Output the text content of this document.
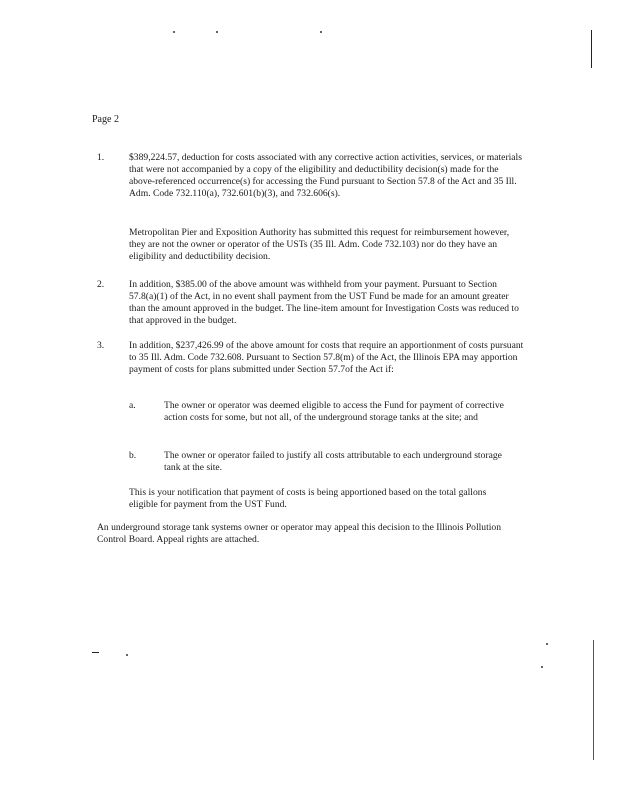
Page 2
1.	$389,224.57, deduction for costs associated with any corrective action activities, services, or materials that were not accompanied by a copy of the eligibility and deductibility decision(s) made for the above-referenced occurrence(s) for accessing the Fund pursuant to Section 57.8 of the Act and 35 Ill. Adm. Code 732.110(a), 732.601(b)(3), and 732.606(s).
Metropolitan Pier and Exposition Authority has submitted this request for reimbursement however, they are not the owner or operator of the USTs (35 Ill. Adm. Code 732.103) nor do they have an eligibility and deductibility decision.
2.	In addition, $385.00 of the above amount was withheld from your payment. Pursuant to Section 57.8(a)(1) of the Act, in no event shall payment from the UST Fund be made for an amount greater than the amount approved in the budget. The line-item amount for Investigation Costs was reduced to that approved in the budget.
3.	In addition, $237,426.99 of the above amount for costs that require an apportionment of costs pursuant to 35 Ill. Adm. Code 732.608. Pursuant to Section 57.8(m) of the Act, the Illinois EPA may apportion payment of costs for plans submitted under Section 57.7of the Act if:
a.	The owner or operator was deemed eligible to access the Fund for payment of corrective action costs for some, but not all, of the underground storage tanks at the site; and
b.	The owner or operator failed to justify all costs attributable to each underground storage tank at the site.
This is your notification that payment of costs is being apportioned based on the total gallons eligible for payment from the UST Fund.
An underground storage tank systems owner or operator may appeal this decision to the Illinois Pollution Control Board. Appeal rights are attached.
